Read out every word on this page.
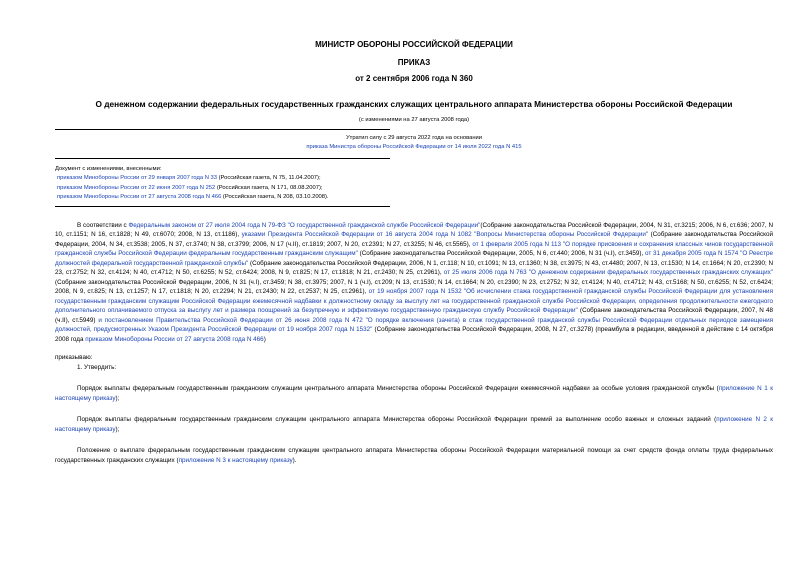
МИНИСТР ОБОРОНЫ РОССИЙСКОЙ ФЕДЕРАЦИИ
ПРИКАЗ
от 2 сентября 2006 года N 360
О денежном содержании федеральных государственных гражданских служащих центрального аппарата Министерства обороны Российской Федерации
(с изменениями на 27 августа 2008 года)
Утратил силу с 29 августа 2022 года на основании
приказа Министра обороны Российской Федерации от 14 июля 2022 года N 415
Документ с изменениями, внесенными:
приказом Минобороны России от 29 января 2007 года N 33 (Российская газета, N 75, 11.04.2007);
приказом Минобороны России от 22 июня 2007 года N 252 (Российская газета, N 171, 08.08.2007);
приказом Минобороны России от 27 августа 2008 года N 466 (Российская газета, N 208, 03.10.2008).

В соответствии с Федеральным законом от 27 июля 2004 года N 79-ФЗ "О государственной гражданской службе Российской Федерации"(Собрание законодательства Российской Федерации, 2004, N 31, ст.3215; 2006, N 6, ст.636; 2007, N 10, ст.1151; N 16, ст.1828; N 49, ст.6070; 2008, N 13, ст.1186), указами Президента Российской Федерации от 16 августа 2004 года N 1082 "Вопросы Министерства обороны Российской Федерации" (Собрание законодательства Российской Федерации, 2004, N 34, ст.3538; 2005, N 37, ст.3740; N 38, ст.3799; 2006, N 17 (ч.II), ст.1819; 2007, N 20, ст.2391; N 27, ст.3255; N 46, ст.5565), от 1 февраля 2005 года N 113 "О порядке присвоения и сохранения классных чинов государственной гражданской службы Российской Федерации федеральным государственным гражданским служащим" (Собрание законодательства Российской Федерации, 2005, N 6, ст.440; 2006, N 31 (ч.I), ст.3459), от 31 декабря 2005 года N 1574 "О Реестре должностей федеральной государственной гражданской службы" (Собрание законодательства Российской Федерации, 2006, N 1, ст.118; N 10, ст.1091; N 13, ст.1360; N 38, ст.3975; N 43, ст.4480; 2007, N 13, ст.1530; N 14, ст.1664; N 20, ст.2390; N 23, ст.2752; N 32, ст.4124; N 40, ст.4712; N 50, ст.6255; N 52, ст.6424; 2008, N 9, ст.825; N 17, ст.1818; N 21, ст.2430; N 25, ст.2961), от 25 июля 2006 года N 763 "О денежном содержании федеральных государственных гражданских служащих" (Собрание законодательства Российской Федерации, 2006, N 31 (ч.I), ст.3459; N 38, ст.3975; 2007, N 1 (ч.I), ст.209; N 13, ст.1530; N 14, ст.1664; N 20, ст.2390; N 23, ст.2752; N 32, ст.4124; N 40, ст.4712; N 43, ст.5168; N 50, ст.6255; N 52, ст.6424; 2008, N 9, ст.825; N 13, ст.1257; N 17, ст.1818; N 20, ст.2294; N 21, ст.2430; N 22, ст.2537; N 25, ст.2961), от 19 ноября 2007 года N 1532 "Об исчислении стажа государственной гражданской службы Российской Федерации для установления государственным гражданским служащим Российской Федерации ежемесячной надбавки к должностному окладу за выслугу лет на государственной гражданской службе Российской Федерации, определения продолжительности ежегодного дополнительного оплачиваемого отпуска за выслугу лет и размера поощрений за безупречную и эффективную государственную гражданскую службу Российской Федерации" (Собрание законодательства Российской Федерации, 2007, N 48 (ч.II), ст.5949) и постановлением Правительства Российской Федерации от 26 июня 2008 года N 472 "О порядке включения (зачета) в стаж государственной гражданской службы Российской Федерации отдельных периодов замещения должностей, предусмотренных Указом Президента Российской Федерации от 19 ноября 2007 года N 1532" (Собрание законодательства Российской Федерации, 2008, N 27, ст.3278) (преамбула в редакции, введенной в действие с 14 октября 2008 года приказом Минобороны России от 27 августа 2008 года N 466)

приказываю:

1. Утвердить:

Порядок выплаты федеральным государственным гражданским служащим центрального аппарата Министерства обороны Российской Федерации ежемесячной надбавки за особые условия гражданской службы (приложение N 1 к настоящему приказу);

Порядок выплаты федеральным государственным гражданским служащим центрального аппарата Министерства обороны Российской Федерации премий за выполнение особо важных и сложных заданий (приложение N 2 к настоящему приказу);

Положение о выплате федеральным государственным гражданским служащим центрального аппарата Министерства обороны Российской Федерации материальной помощи за счет средств фонда оплаты труда федеральных государственных гражданских служащих (приложение N 3 к настоящему приказу).
